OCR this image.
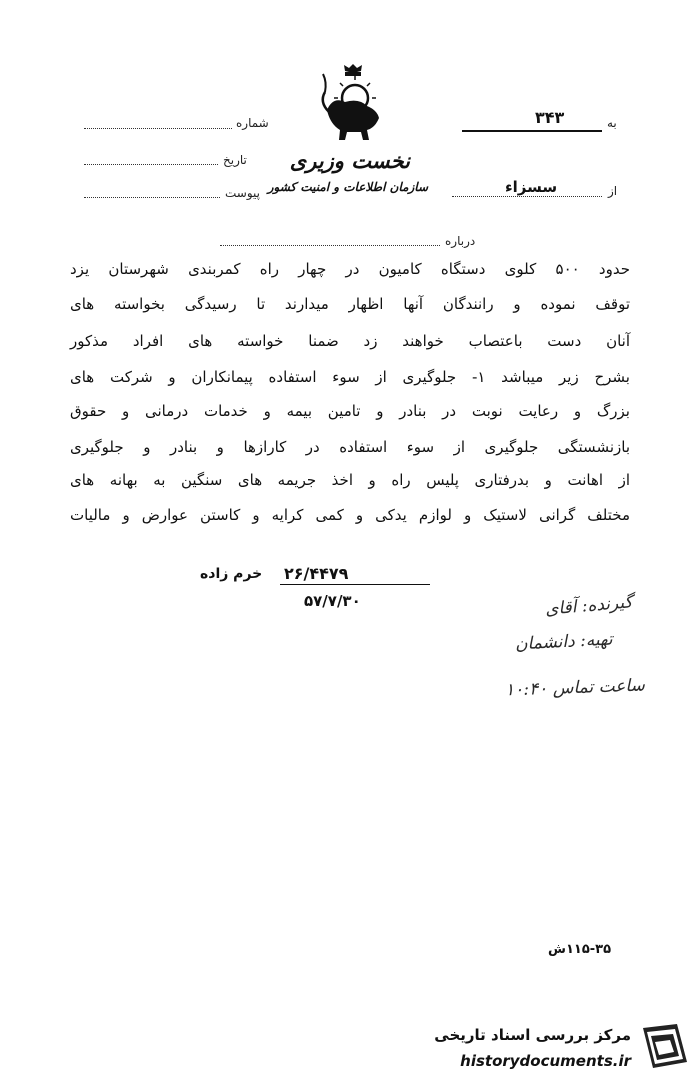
نخست وزیری
سازمان اطلاعات و امنیت کشور
شماره
تاریخ
پیوست
به
۳۴۳
از
سسزاء
درباره
حدود ۵۰۰ کلوی دستگاه کامیون در چهار راه کمربندی شهرستان یزد
توقف نموده و رانندگان آنها اظهار میدارند تا رسیدگی بخواسته های
آنان دست باعتصاب خواهند زد ضمنا خواسته های افراد مذکور
بشرح زیر میباشد ۱- جلوگیری از سوء استفاده پیمانکاران و شرکت های
بزرگ و رعایت نوبت در بنادر و تامین بیمه و خدمات درمانی و حقوق
بازنشستگی جلوگیری از سوء استفاده در کارازها و بنادر و جلوگیری
از اهانت و بدرفتاری پلیس راه و اخذ جریمه های سنگین به بهانه های
مختلف گرانی لاستیک و لوازم یدکی و کمی کرایه و کاستن عوارض و مالیات
خرم زاده ۲۶/۴۴۷۹
۵۷/۷/۳۰	گیرنده: آقای
تهیه: دانشمان
ساعت تماس ۱۰:۴۰
۱۱۵-۳۵ش
مرکز بررسی اسناد تاریخی
historydocuments.ir
